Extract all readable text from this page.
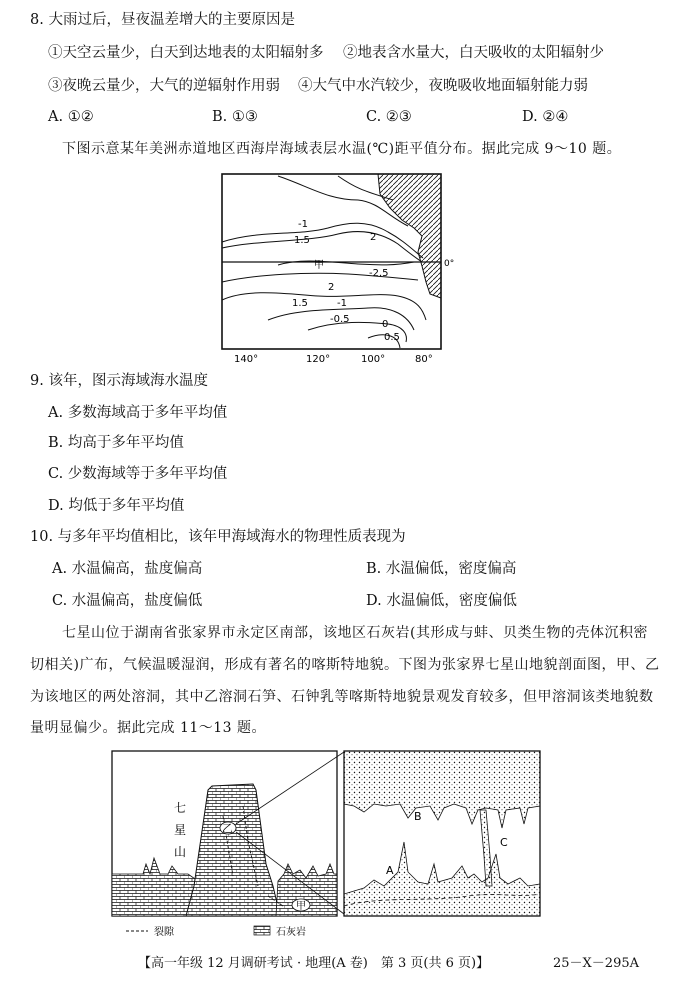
8. 大雨过后，昼夜温差增大的主要原因是
①天空云量少，白天到达地表的太阳辐射多 ②地表含水量大，白天吸收的太阳辐射少
③夜晚云量少，大气的逆辐射作用弱 ④大气中水汽较少，夜晚吸收地面辐射能力弱
A. ①②	B. ①③	C. ②③	D. ②④
下图示意某年美洲赤道地区西海岸海域表层水温(℃)距平值分布。据此完成 9～10 题。
-1
1.5	2
-2.5
2
1.5	-1
-0.5	0
0.5
甲	0°
140°	120°	100°	80°
9. 该年，图示海域海水温度
A. 多数海域高于多年平均值
B. 均高于多年平均值
C. 少数海域等于多年平均值
D. 均低于多年平均值
10. 与多年平均值相比，该年甲海域海水的物理性质表现为
A. 水温偏高，盐度偏高	B. 水温偏低，密度偏高
C. 水温偏高，盐度偏低	D. 水温偏低，密度偏低
七星山位于湖南省张家界市永定区南部，该地区石灰岩(其形成与蚌、贝类生物的壳体沉积密
切相关)广布，气候温暖湿润，形成有著名的喀斯特地貌。下图为张家界七星山地貌剖面图，甲、乙
为该地区的两处溶洞，其中乙溶洞石笋、石钟乳等喀斯特地貌景观发育较多，但甲溶洞该类地貌数
量明显偏少。据此完成 11～13 题。
乙
甲
七
星
山
裂隙	石灰岩
A
B
C
【高一年级 12 月调研考试 · 地理(A 卷)　第 3 页(共 6 页)】	25－X－295A
